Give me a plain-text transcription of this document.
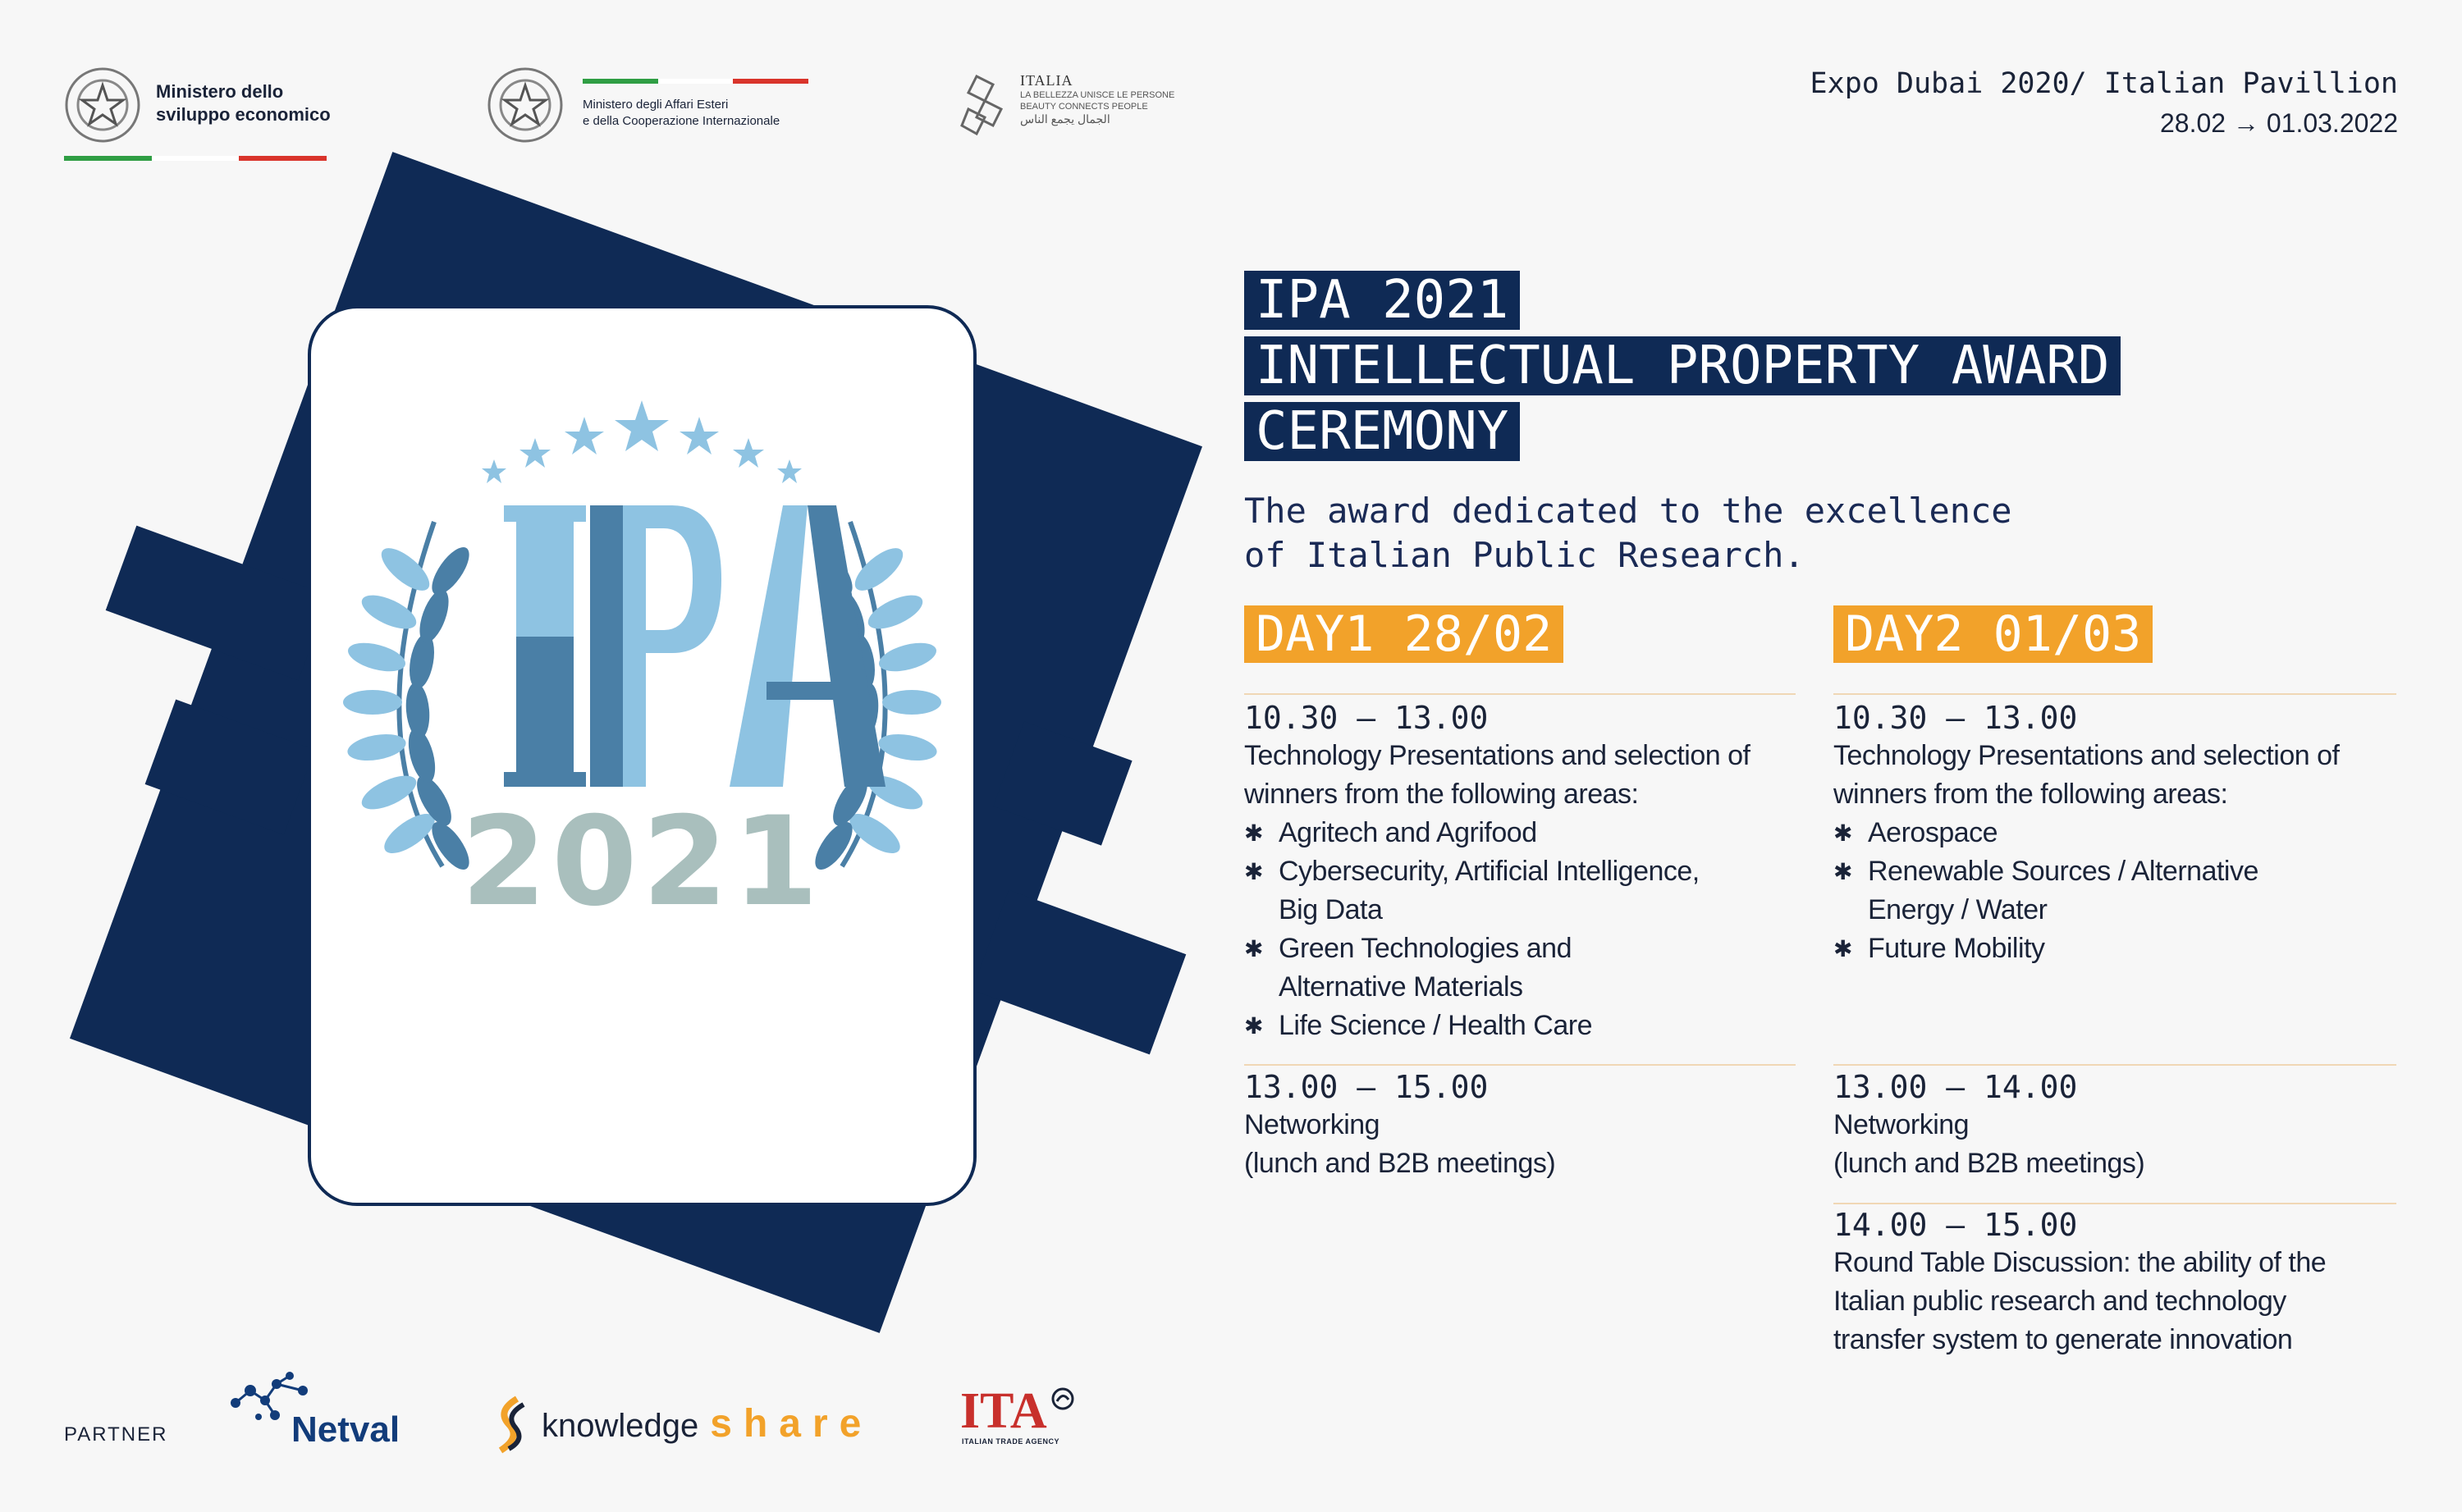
Ministero dello
sviluppo economico	Ministero degli Affari Esteri
e della Cooperazione Internazionale
ITALIA
LA BELLEZZA UNISCE LE PERSONE
BEAUTY CONNECTS PEOPLE
الجمال يجمع الناس
Expo Dubai 2020/ Italian Pavillion
28.02 → 01.03.2022
2021
IPA 2021
INTELLECTUAL PROPERTY AWARD
CEREMONY
The award dedicated to the excellence
of Italian Public Research.
DAY1 28/02
10.30 – 13.00
Technology Presentations and selection of
winners from the following areas:
✱ Agritech and Agrifood
✱ Cybersecurity, Artificial Intelligence,
Big Data
✱ Green Technologies and
Alternative Materials
✱ Life Science / Health Care
13.00 – 15.00
Networking
(lunch and B2B meetings)
DAY2 01/03
10.30 – 13.00
Technology Presentations and selection of
winners from the following areas:
✱ Aerospace
✱ Renewable Sources / Alternative
Energy / Water
✱ Future Mobility
13.00 – 14.00
Networking
(lunch and B2B meetings)
14.00 – 15.00
Round Table Discussion: the ability of the
Italian public research and technology
transfer system to generate innovation
PARTNER	Netval	knowledge share ITA
ITALIAN TRADE AGENCY
